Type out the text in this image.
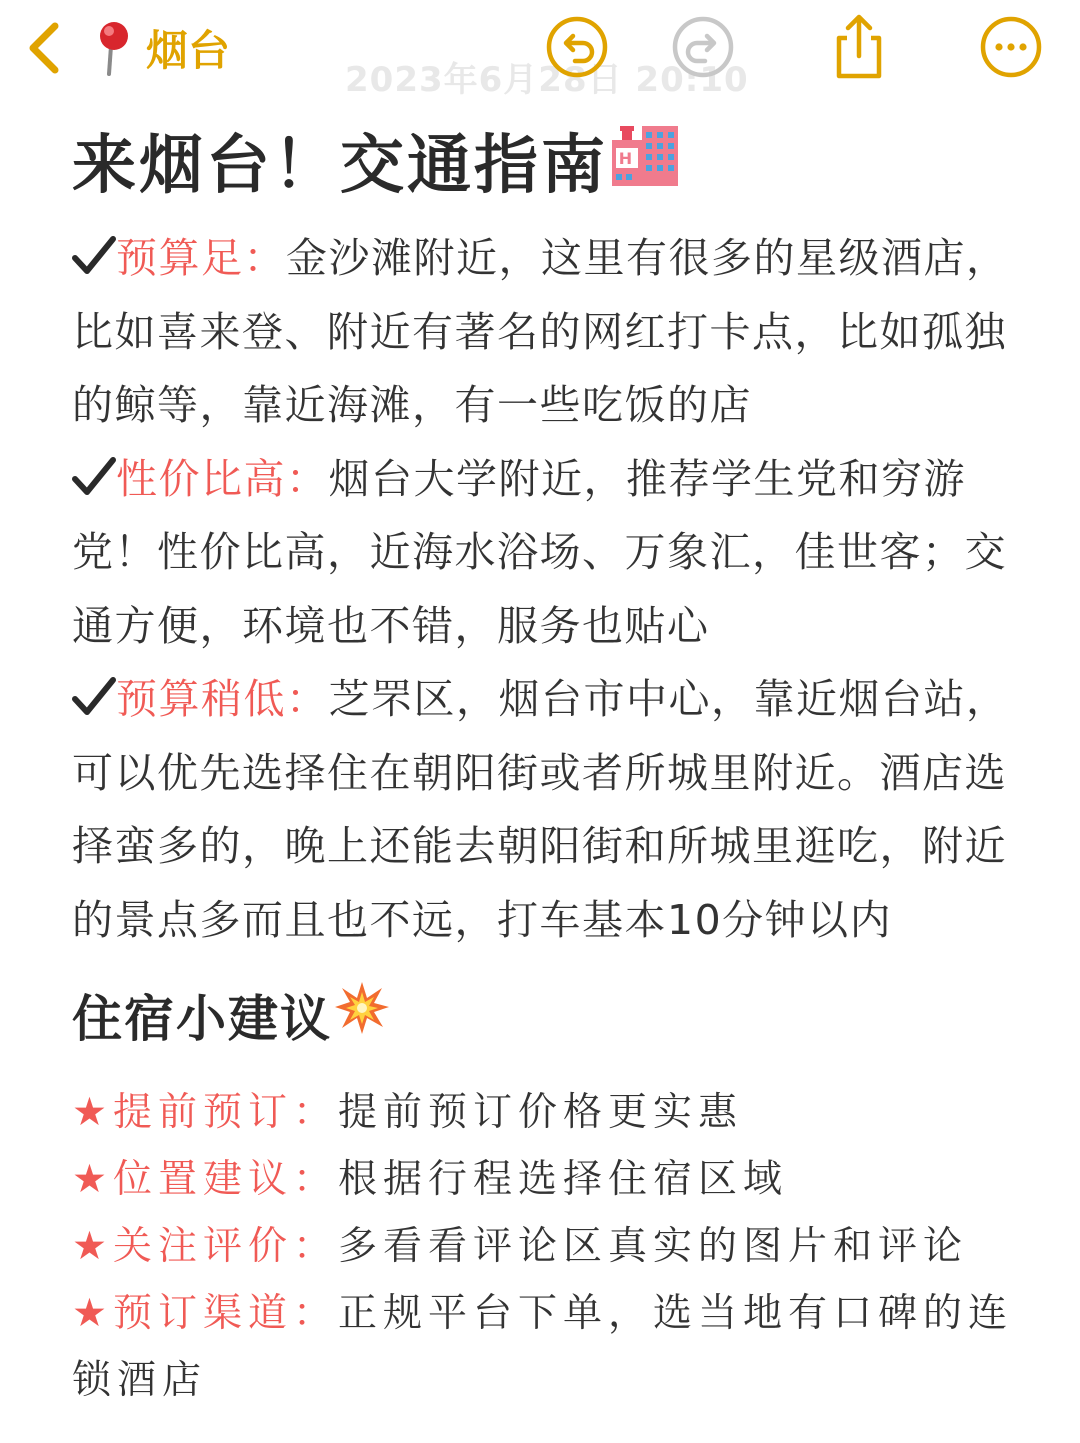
烟台
2023年6月28日 20:10
来烟台！交通指南 H
预算足：金沙滩附近，这里有很多的星级酒店，比如喜来登、附近有著名的网红打卡点，比如孤独的鲸等，靠近海滩，有一些吃饭的店
性价比高：烟台大学附近，推荐学生党和穷游党！性价比高，近海水浴场、万象汇，佳世客；交通方便，环境也不错，服务也贴心
预算稍低：芝罘区，烟台市中心，靠近烟台站，可以优先选择住在朝阳街或者所城里附近。酒店选择蛮多的，晚上还能去朝阳街和所城里逛吃，附近的景点多而且也不远，打车基本10分钟以内
住宿小建议
★提前预订：提前预订价格更实惠
★位置建议：根据行程选择住宿区域
★关注评价：多看看评论区真实的图片和评论
★预订渠道：正规平台下单，选当地有口碑的连锁酒店
